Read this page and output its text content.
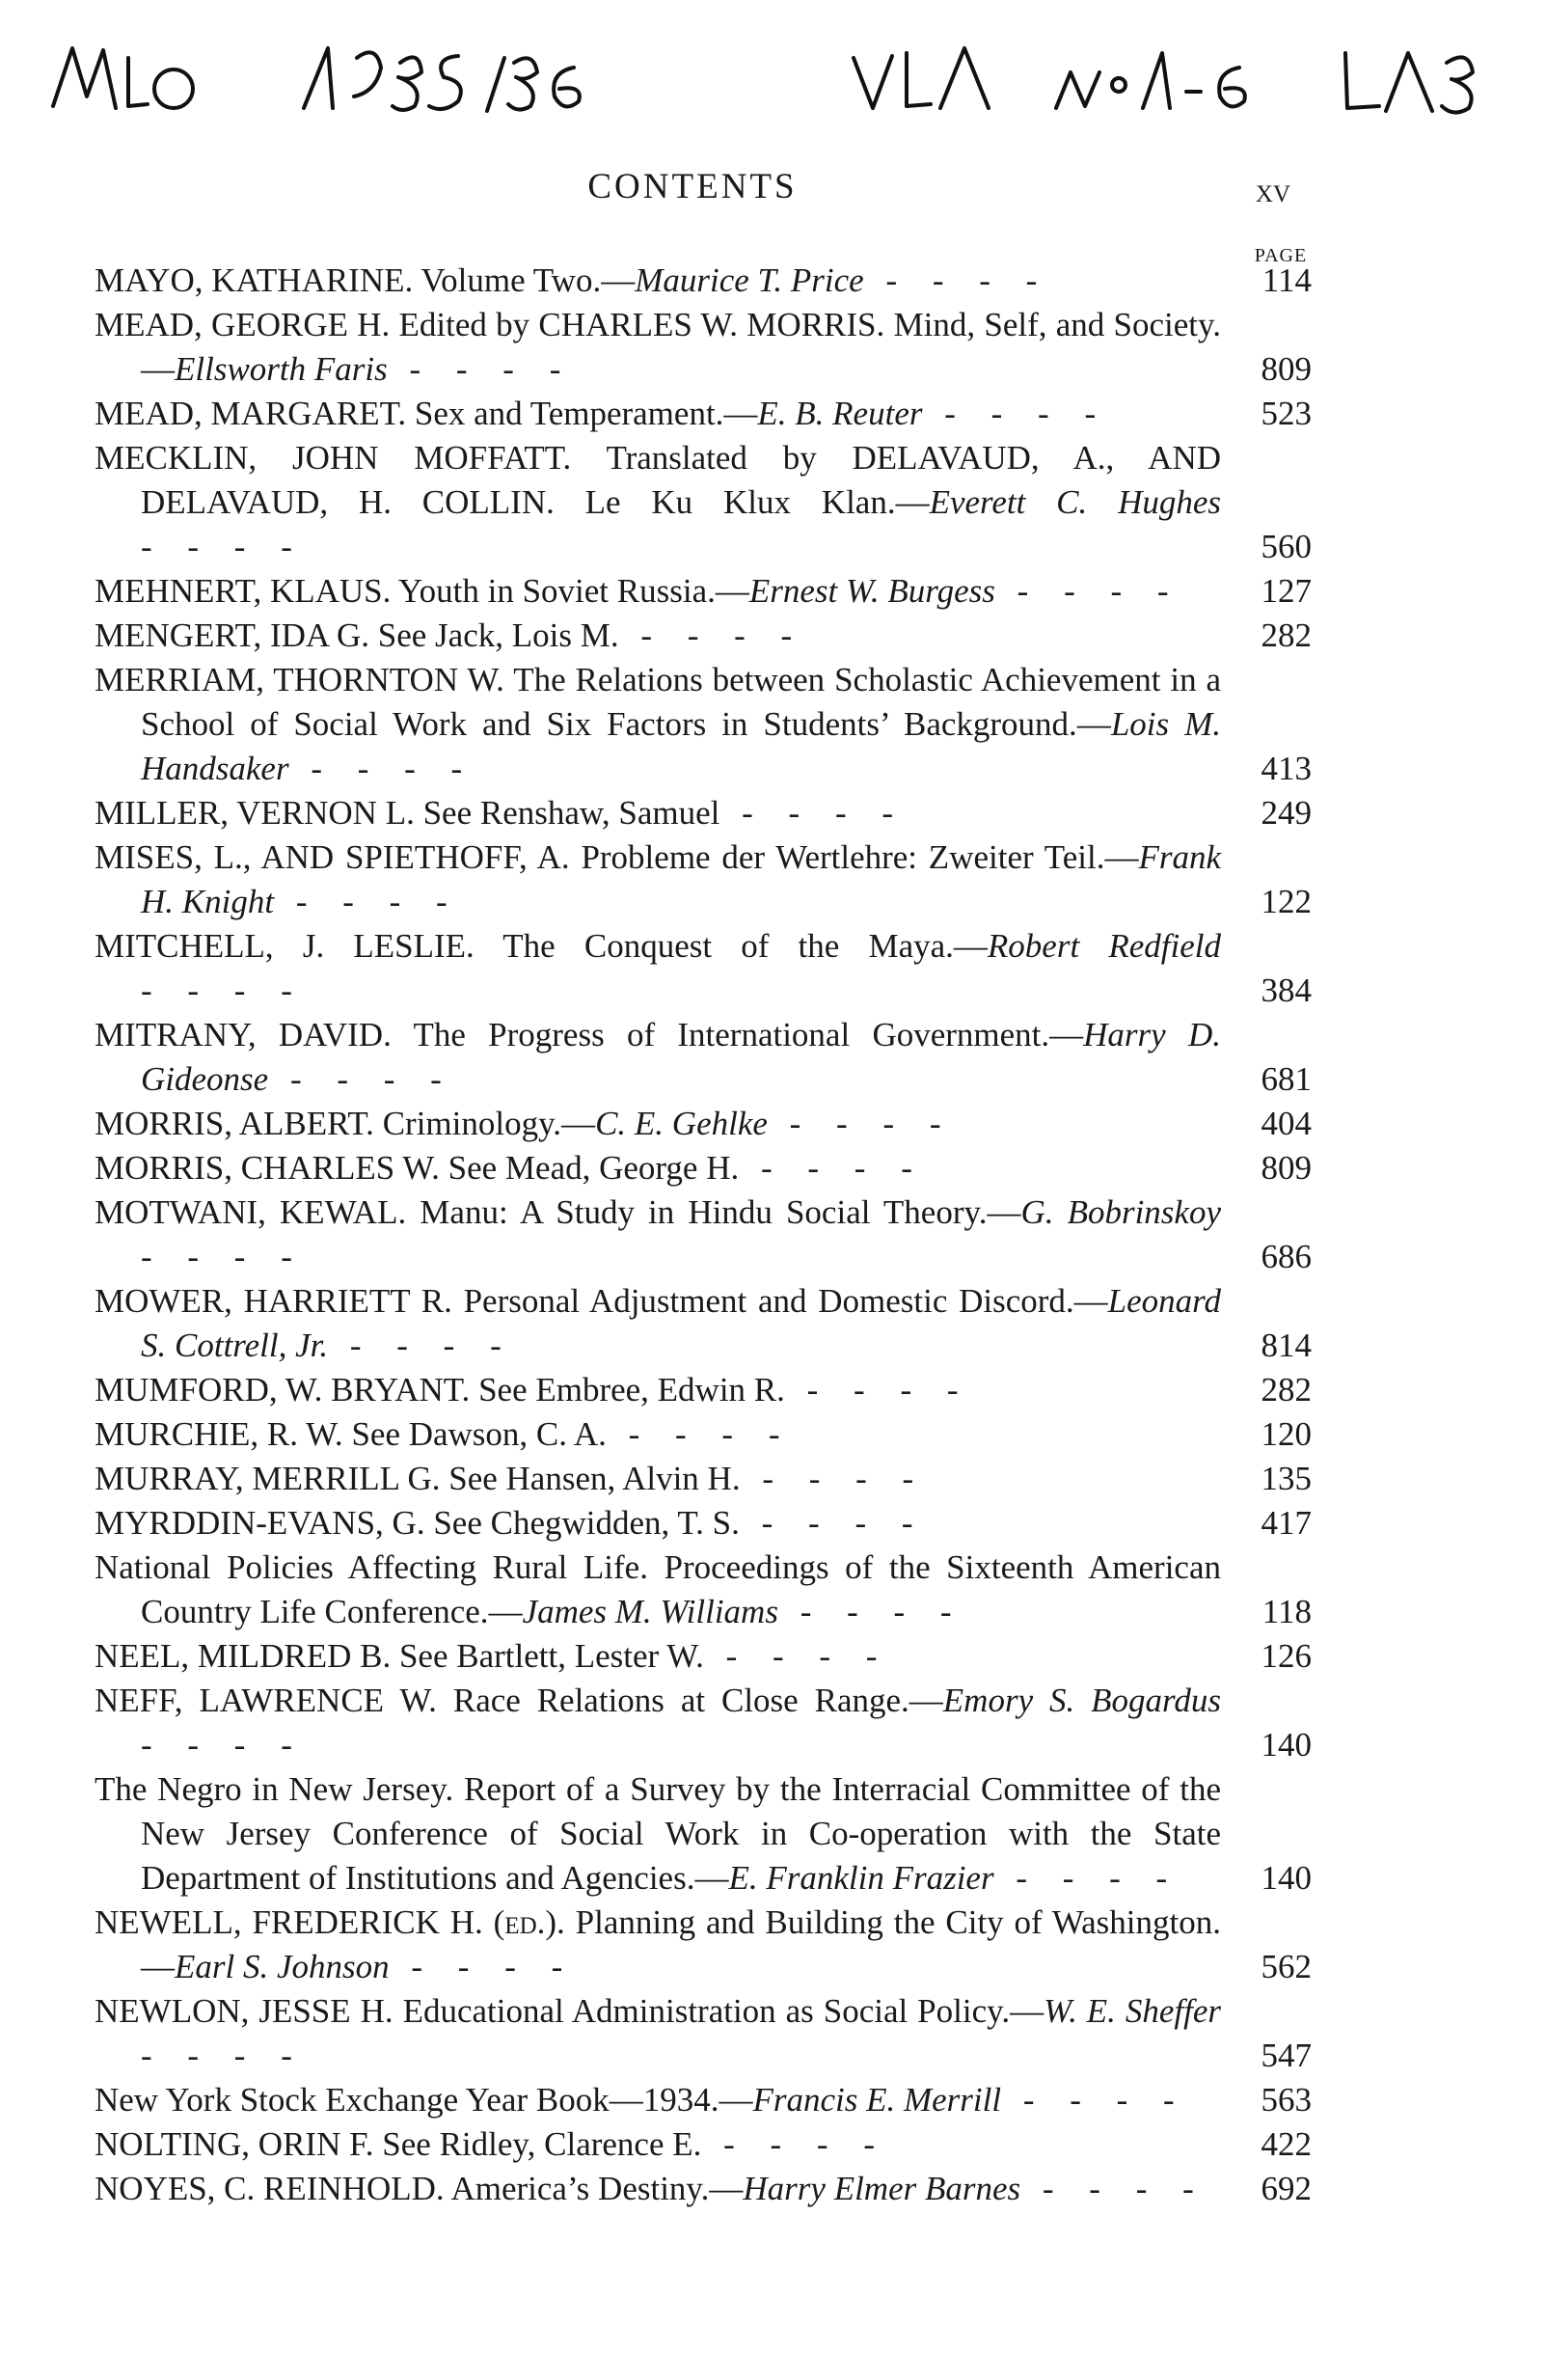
CONTENTS	xv
PAGE
MAYO, KATHARINE. Volume Two.—Maurice T. Price - - - -	114
MEAD, GEORGE H. Edited by CHARLES W. MORRIS. Mind, Self, and Society.—Ellsworth Faris - - - -	809
MEAD, MARGARET. Sex and Temperament.—E. B. Reuter - - - -	523
MECKLIN, JOHN MOFFATT. Translated by DELAVAUD, A., AND DELAVAUD, H. COLLIN. Le Ku Klux Klan.—Everett C. Hughes - - - -	560
MEHNERT, KLAUS. Youth in Soviet Russia.—Ernest W. Burgess - - - -	127
MENGERT, IDA G. See Jack, Lois M. - - - -	282
MERRIAM, THORNTON W. The Relations between Scholastic Achievement in a School of Social Work and Six Factors in Students’ Background.—Lois M. Handsaker - - - -	413
MILLER, VERNON L. See Renshaw, Samuel - - - -	249
MISES, L., AND SPIETHOFF, A. Probleme der Wertlehre: Zweiter Teil.—Frank H. Knight - - - -	122
MITCHELL, J. LESLIE. The Conquest of the Maya.—Robert Redfield - - - -	384
MITRANY, DAVID. The Progress of International Government.—Harry D. Gideonse - - - -	681
MORRIS, ALBERT. Criminology.—C. E. Gehlke - - - -	404
MORRIS, CHARLES W. See Mead, George H. - - - -	809
MOTWANI, KEWAL. Manu: A Study in Hindu Social Theory.—G. Bobrinskoy - - - -	686
MOWER, HARRIETT R. Personal Adjustment and Domestic Discord.—Leonard S. Cottrell, Jr. - - - -	814
MUMFORD, W. BRYANT. See Embree, Edwin R. - - - -	282
MURCHIE, R. W. See Dawson, C. A. - - - -	120
MURRAY, MERRILL G. See Hansen, Alvin H. - - - -	135
MYRDDIN-EVANS, G. See Chegwidden, T. S. - - - -	417
National Policies Affecting Rural Life. Proceedings of the Sixteenth American Country Life Conference.—James M. Williams - - - -	118
NEEL, MILDRED B. See Bartlett, Lester W. - - - -	126
NEFF, LAWRENCE W. Race Relations at Close Range.—Emory S. Bogardus - - - -	140
The Negro in New Jersey. Report of a Survey by the Interracial Committee of the New Jersey Conference of Social Work in Co-operation with the State Department of Institutions and Agencies.—E. Franklin Frazier - - - -	140
NEWELL, FREDERICK H. (ed.). Planning and Building the City of Washington.—Earl S. Johnson - - - -	562
NEWLON, JESSE H. Educational Administration as Social Policy.—W. E. Sheffer - - - -	547
New York Stock Exchange Year Book—1934.—Francis E. Merrill - - - -	563
NOLTING, ORIN F. See Ridley, Clarence E. - - - -	422
NOYES, C. REINHOLD. America’s Destiny.—Harry Elmer Barnes - - - -	692
